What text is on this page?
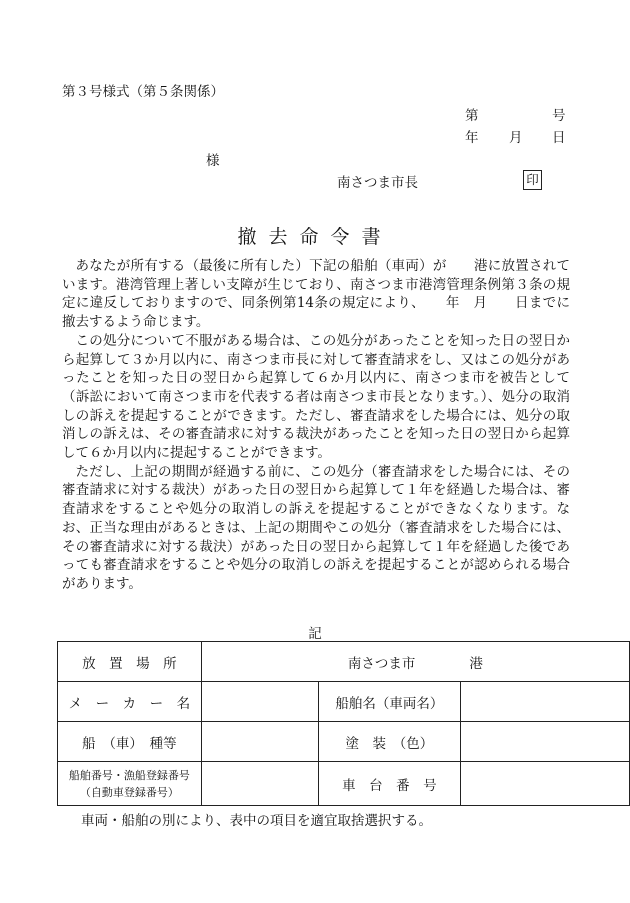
第３号様式（第５条関係）
第	号
年 月 日
様
南さつま市長	印
撤去命令書

あなたが所有する（最後に所有した）下記の船舶（車両）が　　港に放置されています。港湾管理上著しい支障が生じており、南さつま市港湾管理条例第３条の規定に違反しておりますので、同条例第14条の規定により、　　年　月　　日までに撤去するよう命じます。

この処分について不服がある場合は、この処分があったことを知った日の翌日から起算して３か月以内に、南さつま市長に対して審査請求をし、又はこの処分があったことを知った日の翌日から起算して６か月以内に、南さつま市を被告として（訴訟において南さつま市を代表する者は南さつま市長となります。）、処分の取消しの訴えを提起することができます。ただし、審査請求をした場合には、処分の取消しの訴えは、その審査請求に対する裁決があったことを知った日の翌日から起算して６か月以内に提起することができます。

ただし、上記の期間が経過する前に、この処分（審査請求をした場合には、その審査請求に対する裁決）があった日の翌日から起算して１年を経過した場合は、審査請求をすることや処分の取消しの訴えを提起することができなくなります。なお、正当な理由があるときは、上記の期間やこの処分（審査請求をした場合には、その審査請求に対する裁決）があった日の翌日から起算して１年を経過した後であっても審査請求をすることや処分の取消しの訴えを提起することが認められる場合があります。

記
放　置　場　所	南さつま市　　　　港		
メ　ー　カ　ー　名		船舶名（車両名）	
船　（車）　種等		塗　装　（色）	

船舶番号・漁船登録番号
（自動車登録番号）		車　台　番　号	
車両・船舶の別により、表中の項目を適宜取捨選択する。
